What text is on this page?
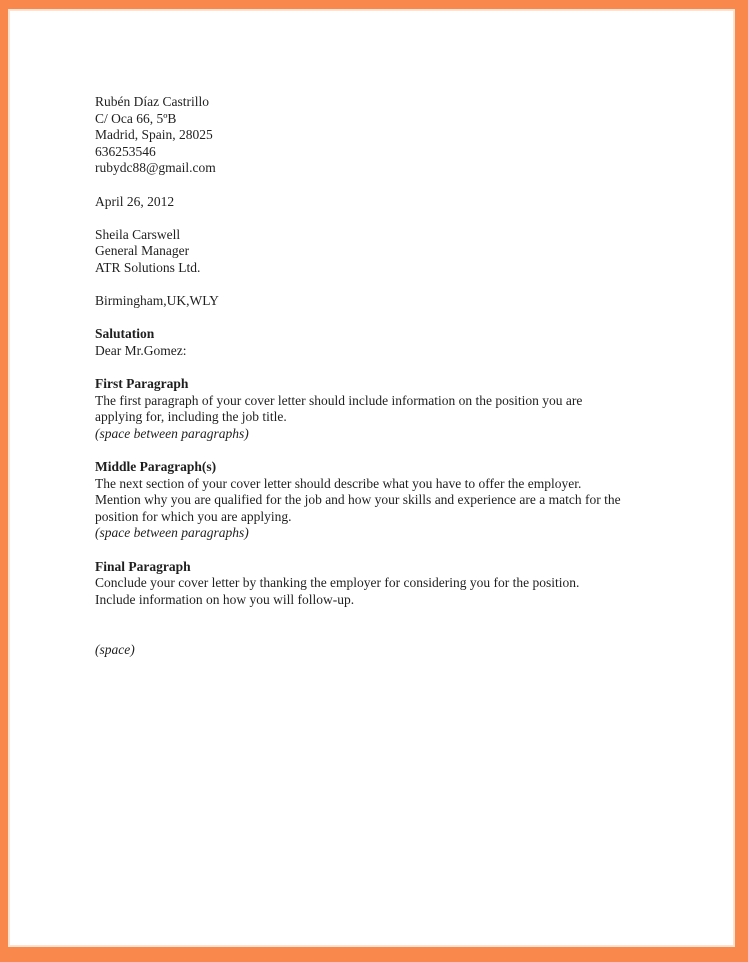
Rubén Díaz Castrillo
C/ Oca 66, 5ºB
Madrid, Spain, 28025
636253546
rubydc88@gmail.com
April 26, 2012
Sheila Carswell
General Manager
ATR Solutions Ltd.
Birmingham,UK,WLY
Salutation
Dear Mr.Gomez:
First Paragraph
The first paragraph of your cover letter should include information on the position you are
applying for, including the job title.
(space between paragraphs)
Middle Paragraph(s)
The next section of your cover letter should describe what you have to offer the employer.
Mention why you are qualified for the job and how your skills and experience are a match for the
position for which you are applying.
(space between paragraphs)
Final Paragraph
Conclude your cover letter by thanking the employer for considering you for the position.
Include information on how you will follow-up.
(space)
